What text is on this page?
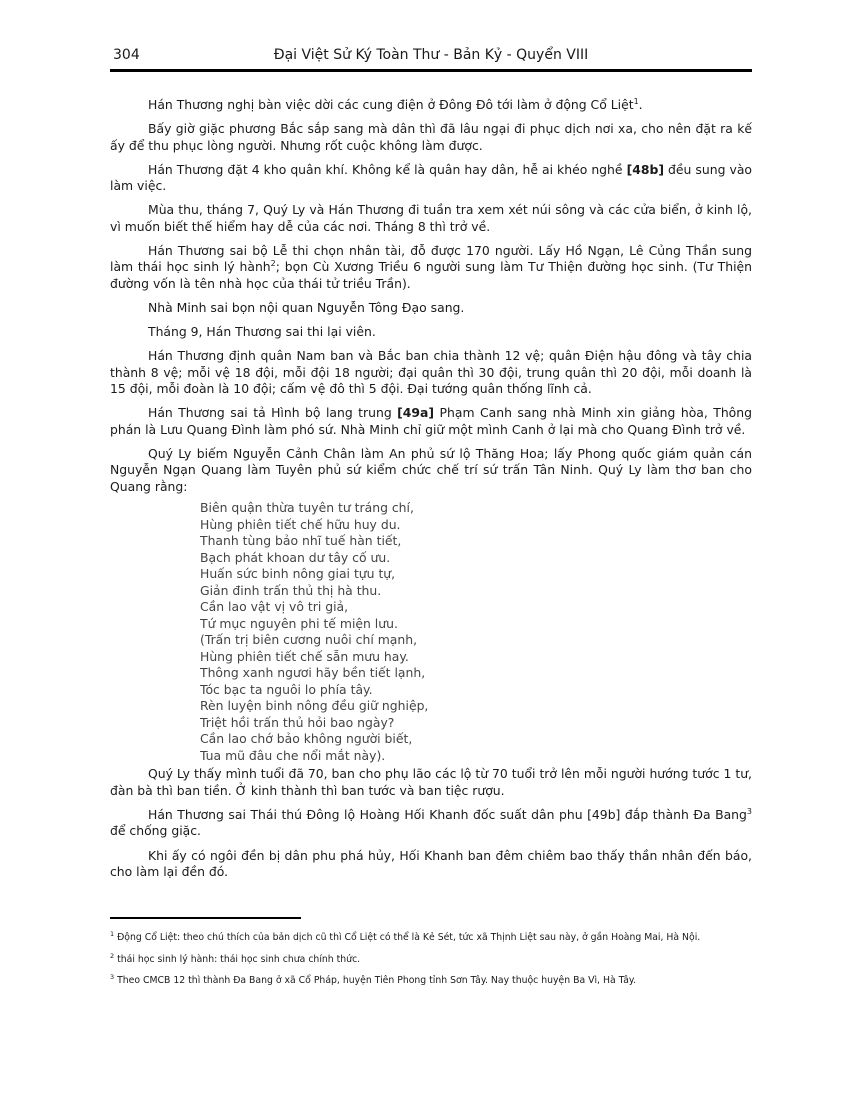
304	Đại Việt Sử Ký Toàn Thư - Bản Kỷ - Quyển VIII

Hán Thương nghị bàn việc dời các cung điện ở Đông Đô tới làm ở động Cổ Liệt$^1$.

Bấy giờ giặc phương Bắc sắp sang mà dân thì đã lâu ngại đi phục dịch nơi xa, cho nên đặt ra kế ấy để thu phục lòng người. Nhưng rốt cuộc không làm được.

Hán Thương đặt 4 kho quân khí. Không kể là quân hay dân, hễ ai khéo nghề [48b] đều sung vào làm việc.

Mùa thu, tháng 7, Quý Ly và Hán Thương đi tuần tra xem xét núi sông và các cửa biển, ở kinh lộ, vì muốn biết thế hiểm hay dễ của các nơi. Tháng 8 thì trở về.

Hán Thương sai bộ Lễ thi chọn nhân tài, đỗ được 170 người. Lấy Hồ Ngạn, Lê Củng Thần sung làm thái học sinh lý hành$^2$; bọn Cù Xương Triều 6 người sung làm Tư Thiện đường học sinh. (Tư Thiện đường vốn là tên nhà học của thái tử triều Trần).

Nhà Minh sai bọn nội quan Nguyễn Tông Đạo sang.

Tháng 9, Hán Thương sai thi lại viên.

Hán Thương định quân Nam ban và Bắc ban chia thành 12 vệ; quân Điện hậu đông và tây chia thành 8 vệ; mỗi vệ 18 đội, mỗi đội 18 người; đại quân thì 30 đội, trung quân thì 20 đội, mỗi doanh là 15 đội, mỗi đoàn là 10 đội; cấm vệ đô thì 5 đội. Đại tướng quân thống lĩnh cả.

Hán Thương sai tả Hình bộ lang trung [49a] Phạm Canh sang nhà Minh xin giảng hòa, Thông phán là Lưu Quang Đình làm phó sứ. Nhà Minh chỉ giữ một mình Canh ở lại mà cho Quang Đình trở về.

Quý Ly biếm Nguyễn Cảnh Chân làm An phủ sứ lộ Thăng Hoa; lấy Phong quốc giám quản cán Nguyễn Ngạn Quang làm Tuyên phủ sứ kiểm chức chế trí sứ trấn Tân Ninh. Quý Ly làm thơ ban cho Quang rằng:

Biên quận thừa tuyên tư tráng chí,
Hùng phiên tiết chế hữu huy du.
Thanh tùng bảo nhĩ tuế hàn tiết,
Bạch phát khoan dư tây cố ưu.
Huấn sức binh nông giai tựu tự,
Giản đinh trấn thủ thị hà thu.
Cần lao vật vị vô tri giả,
Tứ mục nguyên phi tế miện lưu.
(Trấn trị biên cương nuôi chí mạnh,
Hùng phiên tiết chế sẵn mưu hay.
Thông xanh ngươi hãy bền tiết lạnh,
Tóc bạc ta nguôi lo phía tây.
Rèn luyện binh nông đều giữ nghiệp,
Triệt hồi trấn thủ hỏi bao ngày?
Cần lao chớ bảo không người biết,
Tua mũ đâu che nổi mắt này).

Quý Ly thấy mình tuổi đã 70, ban cho phụ lão các lộ từ 70 tuổi trở lên mỗi người hướng tước 1 tư, đàn bà thì ban tiền. Ở kinh thành thì ban tước và ban tiệc rượu.

Hán Thương sai Thái thú Đông lộ Hoàng Hối Khanh đốc suất dân phu [49b] đắp thành Đa Bang$^3$ để chống giặc.

Khi ấy có ngôi đền bị dân phu phá hủy, Hối Khanh ban đêm chiêm bao thấy thần nhân đến báo, cho làm lại đền đó.

$^1$ Động Cổ Liệt: theo chú thích của bản dịch cũ thì Cổ Liệt có thể là Kẻ Sét, tức xã Thịnh Liệt sau này, ở gần Hoàng Mai, Hà Nội.
$^2$ thái học sinh lý hành: thái học sinh chưa chính thức.
$^3$ Theo CMCB 12 thì thành Đa Bang ở xã Cổ Pháp, huyện Tiên Phong tỉnh Sơn Tây. Nay thuộc huyện Ba Vì, Hà Tây.
